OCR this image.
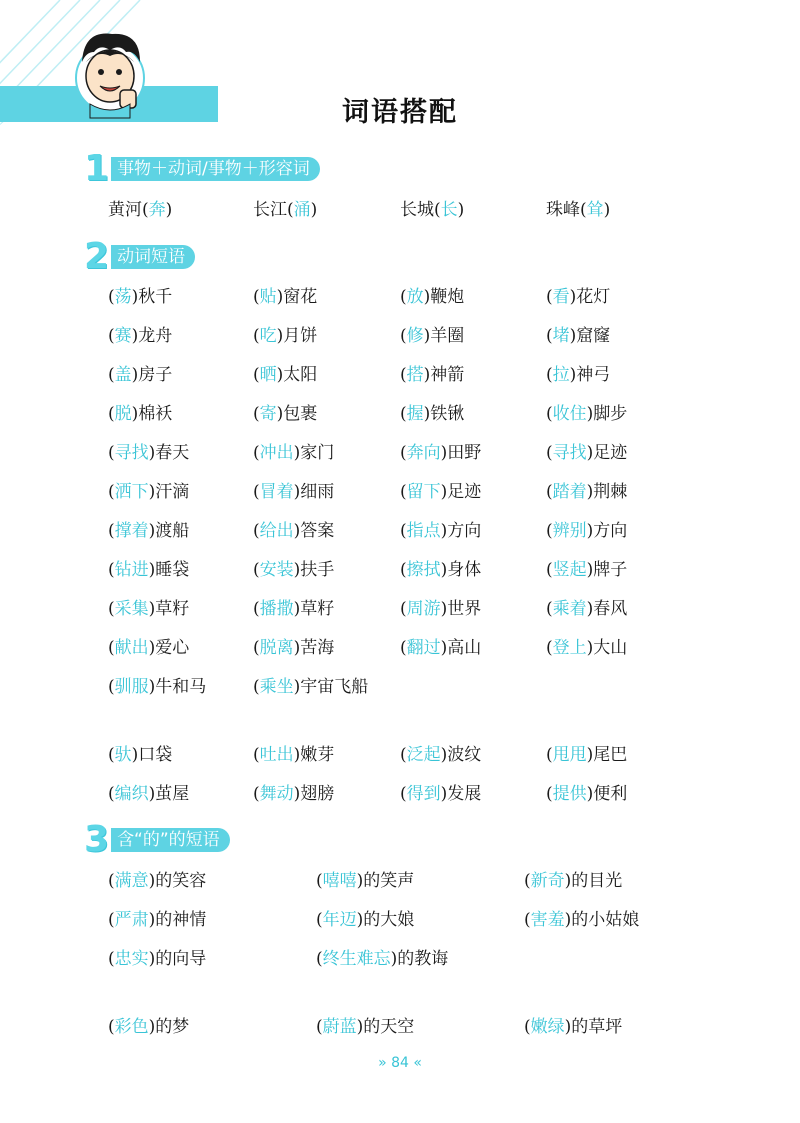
词语搭配
1 事物＋动词/事物＋形容词
黄河(奔)	长江(涌)	长城(长)	珠峰(耸)
2 动词短语
(荡)秋千	(贴)窗花	(放)鞭炮	(看)花灯
(赛)龙舟	(吃)月饼	(修)羊圈	(堵)窟窿
(盖)房子	(晒)太阳	(搭)神箭	(拉)神弓
(脱)棉袄	(寄)包裹	(握)铁锹	(收住)脚步
(寻找)春天	(冲出)家门	(奔向)田野	(寻找)足迹
(洒下)汗滴	(冒着)细雨	(留下)足迹	(踏着)荆棘
(撑着)渡船	(给出)答案	(指点)方向	(辨别)方向
(钻进)睡袋	(安装)扶手	(擦拭)身体	(竖起)牌子
(采集)草籽	(播撒)草籽	(周游)世界	(乘着)春风
(献出)爱心	(脱离)苦海	(翻过)高山	(登上)大山
(驯服)牛和马	(乘坐)宇宙飞船
(驮)口袋	(吐出)嫩芽	(泛起)波纹	(甩甩)尾巴
(编织)茧屋	(舞动)翅膀	(得到)发展	(提供)便利
3 含“的”的短语
(满意)的笑容	(嘻嘻)的笑声	(新奇)的目光
(严肃)的神情	(年迈)的大娘	(害羞)的小姑娘
(忠实)的向导	(终生难忘)的教诲
(彩色)的梦	(蔚蓝)的天空	(嫩绿)的草坪
» 84 «
